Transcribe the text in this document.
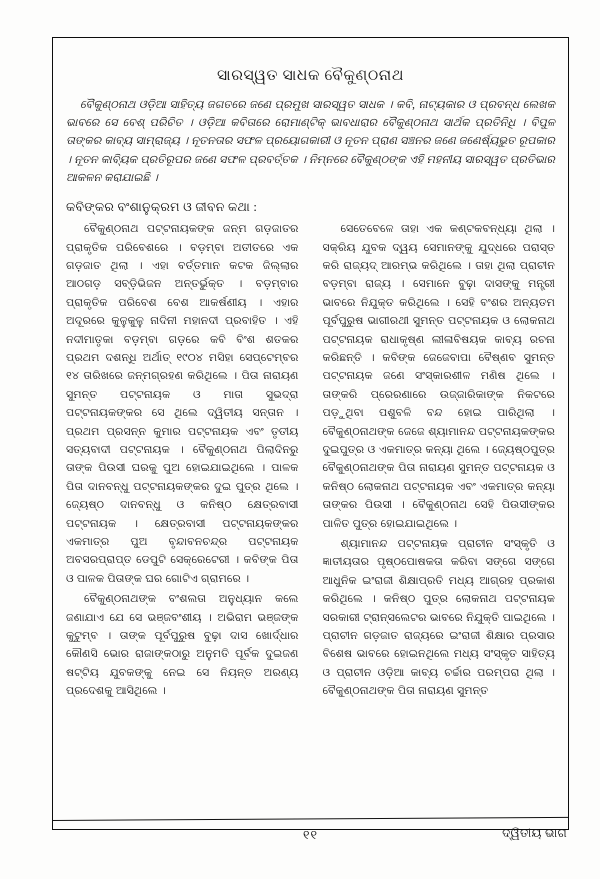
ସାରସ୍ୱତ ସାଧକ ବୈକୁଣ୍ଠନାଥ

ବୈକୁଣ୍ଠନାଥ ଓଡ଼ିଆ ସାହିତ୍ୟ ଜଗତରେ ଜଣେ ପ୍ରମୁଖ ସାରସ୍ୱତ ସାଧକ । କବି, ନାଟ୍ୟକାର ଓ ପ୍ରବନ୍ଧ ଲେଖକ ଭାବରେ ସେ ବେଶ୍ ପରିଚିତ । ଓଡ଼ିଆ କବିତାରେ ରୋମାଣ୍ଟିକ୍ ଭାବଧାରାର ବୈକୁଣ୍ଠନାଥ ସାର୍ଥକ ପ୍ରତିନିଧି । ବିପୁଳ ତାଙ୍କର କାବ୍ୟ ସାମ୍ରାଜ୍ୟ । ନୂତନତାର ସଫଳ ପ୍ରୟୋଗକାରୀ ଓ ନୂତନ ପ୍ରାଣ ସଞ୍ଚନର ଜଣେ ଜଣେର୍ଷ୍ୟଭୁତ ରୂପକାର । ନୂତନ କାବ୍ୟିକ ପ୍ରତିରୂପର ଜଣେ ସଫଳ ପ୍ରବର୍ତ୍ତକ । ନିମ୍ନରେ ବୈକୁଣ୍ଠଙ୍କ ଏହି ମହନୀୟ ସାରସ୍ୱତ ପ୍ରତିଭାର ଆକଳନ କରାଯାଇଛି ।

କବିଙ୍କର ବଂଶାନୁକ୍ରମ ଓ ଜୀବନ କଥା :

ବୈକୁଣ୍ଠନାଥ ପଟ୍ଟନାୟକଙ୍କ ଜନ୍ମ ଗଡ଼ଜାତର ପ୍ରାକୃତିକ ପରିବେଶରେ । ବଡ଼ମ୍ବା ଅତୀତରେ ଏକ ଗଡ଼ଜାତ ଥିଲା । ଏହା ବର୍ତ୍ତମାନ କଟକ ଜିଲ୍ଲାର ଆଠଗଡ଼ ସବ୍‌ଡ଼ିଭିଜନ ଅନ୍ତର୍ଭୁକ୍ତ । ବଡ଼ମ୍ବାର ପ୍ରାକୃତିକ ପରିବେଶ ବେଶ ଆକର୍ଷଣୀୟ । ଏହାର ଅଦୂରରେ କୁଳୁକୁଳୁ ନାଦିନୀ ମହାନଦୀ ପ୍ରବାହିତ । ଏହି ନଦୀମାତୃକା ବଡ଼ମ୍ବା ଗଡ଼ରେ କବି ବିଂଶ ଶତକର ପ୍ରଥମ ଦଶନ୍ଧି ଅର୍ଥାତ୍ ୧୯୦୪ ମସିହା ସେପ୍ଟେମ୍ବର ୧୪ ତାରିଖରେ ଜନ୍ମଗ୍ରହଣ କରିଥିଲେ । ପିତା ନାରାୟଣ ସୁମନ୍ତ ପଟ୍ଟନାୟକ ଓ ମାତା ସୁଭଦ୍ରା ପଟ୍ଟନାୟକଙ୍କର ସେ ଥିଲେ ଦ୍ୱିତୀୟ ସନ୍ତାନ । ପ୍ରଥମ ପ୍ରସନ୍ନ କୁମାର ପଟ୍ଟନାୟକ ଏବଂ ତୃତୀୟ ସତ୍ୟବାଦୀ ପଟ୍ଟନାୟକ । ବୈକୁଣ୍ଠନାଥ ପିଲାଦିନରୁ ତାଙ୍କ ପିଉସୀ ଘରକୁ ପୁଅ ହୋଇଯାଇଥିଲେ । ପାଳକ ପିତା ଦାନବନ୍ଧୁ ପଟ୍ଟନାୟକଙ୍କର ଦୁଇ ପୁତ୍ର ଥିଲେ । ଜ୍ୟେଷ୍ଠ ଦାନବନ୍ଧୁ ଓ କନିଷ୍ଠ କ୍ଷେତ୍ରବାସୀ ପଟ୍ଟନାୟକ । କ୍ଷେତ୍ରବାସୀ ପଟ୍ଟନାୟକଙ୍କର ଏକମାତ୍ର ପୁଅ ବୃନ୍ଦାବନଚନ୍ଦ୍ର ପଟ୍ଟନାୟକ ଅବସରପ୍ରାପ୍ତ ଡେପୁଟି ସେକ୍ରେଟେରୀ । କବିଙ୍କ ପିତା ଓ ପାଳକ ପିତାଙ୍କ ଘର ଗୋଟିଏ ଗ୍ରାମରେ ।

ବୈକୁଣ୍ଠନାଥଙ୍କ ବଂଶଲତା ଅନୁଧ୍ୟାନ କଲେ ଜଣାଯାଏ ଯେ ସେ ଭଞ୍ଜବଂଶୀୟ । ଅଭିରାମ ଭଞ୍ଜଙ୍କ କୁଟୁମ୍ବ । ତାଙ୍କ ପୂର୍ବପୁରୁଷ ବୁଢ଼ା ଦାସ ଖୋର୍ଦ୍ଧାର କୌଣସି ଭୋର ରାଜାଙ୍କଠାରୁ ଅନୁମତି ପୂର୍ବକ ଦୁଇଜଣ ଷଟ୍ଟିୟ ଯୁବକଙ୍କୁ ନେଇ ସେ ନିୟନ୍ତ ଅରଣ୍ୟ ପ୍ରଦେଶକୁ ଆସିଥିଲେ ।

ସେତେବେଳେ ତାହା ଏକ କଣ୍ଟକବନ୍ଧ୍ୟା ଥିଲା । ସକ୍ରିୟ ଯୁବକ ଦ୍ୱୟ ସେମାନଙ୍କୁ ଯୁଦ୍ଧରେ ପରାସ୍ତ କରି ରାଜ୍ୟଦ୍ ଆରମ୍ଭ କରିଥିଲେ । ତାହା ଥିଲା ପ୍ରାଚୀନ ବଡ଼ମ୍ବା ରାଜ୍ୟ । ସେମାନେ ବୁଢ଼ା ଦାସଙ୍କୁ ମନ୍ତ୍ରୀ ଭାବରେ ନିଯୁକ୍ତ କରିଥିଲେ । ସେହି ବଂଶର ଅନ୍ୟତମ ପୂର୍ବପୁରୁଷ ଭାଗୀରଥୀ ସୁମନ୍ତ ପଟ୍ଟନାୟକ ଓ ଲୋକନାଥ ପଟ୍ଟନାୟକ ରାଧାକୃଷ୍ଣ ଲୀଳାବିଷୟକ କାବ୍ୟ ରଚନା କରିଛନ୍ତି । କବିଙ୍କ ଜେଜେବାପା ବୈଷ୍ଣବ ସୁମନ୍ତ ପଟ୍ଟନାୟକ ଜଣେ ସଂସ୍କାରଶୀଳ ମଣିଷ ଥିଲେ । ତାଙ୍କରି ପ୍ରେରଣାରେ ଉଜ୍ଜାରିକାଙ୍କ ନିକଟରେ ପଡ଼ୁଥିବା ପଶୁବଳି ବନ୍ଦ ହୋଇ ପାରିଥିଲା । ବୈକୁଣ୍ଠନାଥଙ୍କ ଜେଜେ ଶ୍ୟାମାନନ୍ଦ ପଟ୍ଟନାୟକଙ୍କର ଦୁଇପୁତ୍ର ଓ ଏକମାତ୍ର କନ୍ୟା ଥିଲେ । ଜ୍ୟେଷ୍ଠପୁତ୍ର ବୈକୁଣ୍ଠନାଥଙ୍କ ପିତା ନାରାୟଣ ସୁମନ୍ତ ପଟ୍ଟନାୟକ ଓ କନିଷ୍ଠ ଲୋକନାଥ ପଟ୍ଟନାୟକ ଏବଂ ଏକମାତ୍ର କନ୍ୟା ତାଙ୍କର ପିଉସୀ । ବୈକୁଣ୍ଠନାଥ ସେହି ପିଉସୀଙ୍କର ପାଳିତ ପୁତ୍ର ହୋଇଯାଇଥିଲେ ।

ଶ୍ୟାମାନନ୍ଦ ପଟ୍ଟନାୟକ ପ୍ରାଚୀନ ସଂସ୍କୃତି ଓ ଜ୍ଞାତୀୟତାର ପୃଷ୍ଠପୋଷକତା କରିବା ସଙ୍ଗେ ସଙ୍ଗେ ଆଧୁନିକ ଇଂରାଜୀ ଶିକ୍ଷାପ୍ରତି ମଧ୍ୟ ଆଗ୍ରହ ପ୍ରକାଶ କରିଥିଲେ । କନିଷ୍ଠ ପୁତ୍ର ଲୋକନାଥ ପଟ୍ଟନାୟକ ସରକାରୀ ଟ୍ରାନ୍ସଲେଟର ଭାବରେ ନିଯୁକ୍ତି ପାଇଥିଲେ । ପ୍ରାଚୀନ ଗଡ଼ଜାତ ରାଜ୍ୟରେ ଇଂରାଜୀ ଶିକ୍ଷାର ପ୍ରସାର ବିଶେଷ ଭାବରେ ହୋଇନଥିଲେ ମଧ୍ୟ ସଂସ୍କୃତ ସାହିତ୍ୟ ଓ ପ୍ରାଚୀନ ଓଡ଼ିଆ କାବ୍ୟ ଚର୍ଚ୍ଚାର ପରମ୍ପରା ଥିଲା । ବୈକୁଣ୍ଠନାଥଙ୍କ ପିତା ନାରାୟଣ ସୁମନ୍ତ

୧୧	ଦ୍ୱିତୀୟ ଭାଗ
